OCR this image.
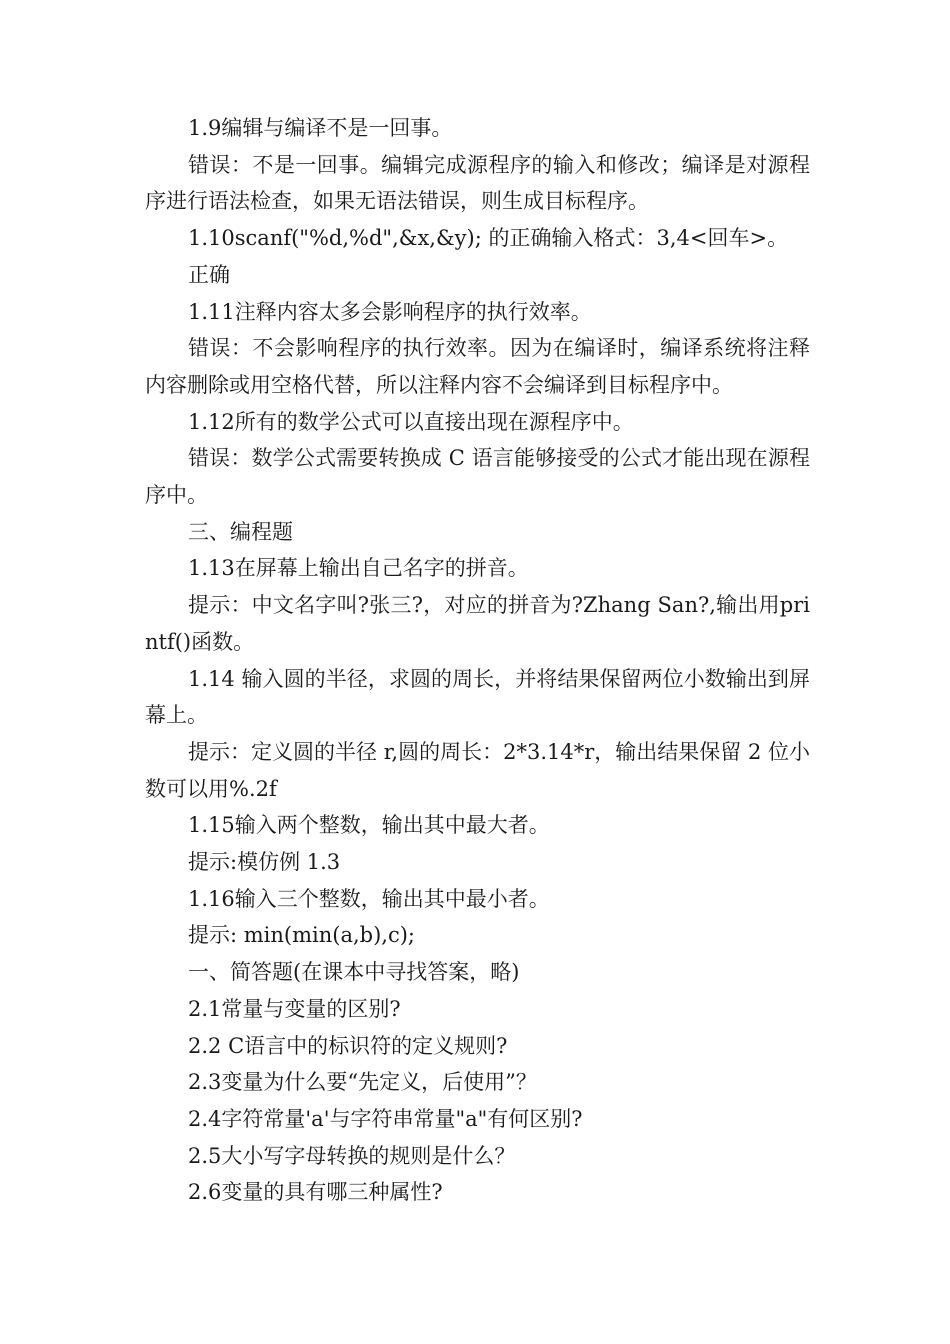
1.9编辑与编译不是一回事。

错误：不是一回事。编辑完成源程序的输入和修改；编译是对源程序进行语法检查，如果无语法错误，则生成目标程序。

1.10scanf("%d,%d",&x,&y); 的正确输入格式：3,4<回车>。

正确

1.11注释内容太多会影响程序的执行效率。

错误：不会影响程序的执行效率。因为在编译时，编译系统将注释内容删除或用空格代替，所以注释内容不会编译到目标程序中。

1.12所有的数学公式可以直接出现在源程序中。

错误：数学公式需要转换成 C 语言能够接受的公式才能出现在源程序中。

三、编程题

1.13在屏幕上输出自己名字的拼音。

提示：中文名字叫?张三?，对应的拼音为?Zhang San?,输出用printf()函数。

1.14 输入圆的半径，求圆的周长，并将结果保留两位小数输出到屏幕上。

提示：定义圆的半径 r,圆的周长：2*3.14*r，输出结果保留 2 位小数可以用%.2f

1.15输入两个整数，输出其中最大者。

提示:模仿例 1.3

1.16输入三个整数，输出其中最小者。

提示: min(min(a,b),c);

一、简答题(在课本中寻找答案，略)

2.1常量与变量的区别?

2.2 C语言中的标识符的定义规则?

2.3变量为什么要“先定义，后使用”？

2.4字符常量'a'与字符串常量"a"有何区别?

2.5大小写字母转换的规则是什么？

2.6变量的具有哪三种属性?
